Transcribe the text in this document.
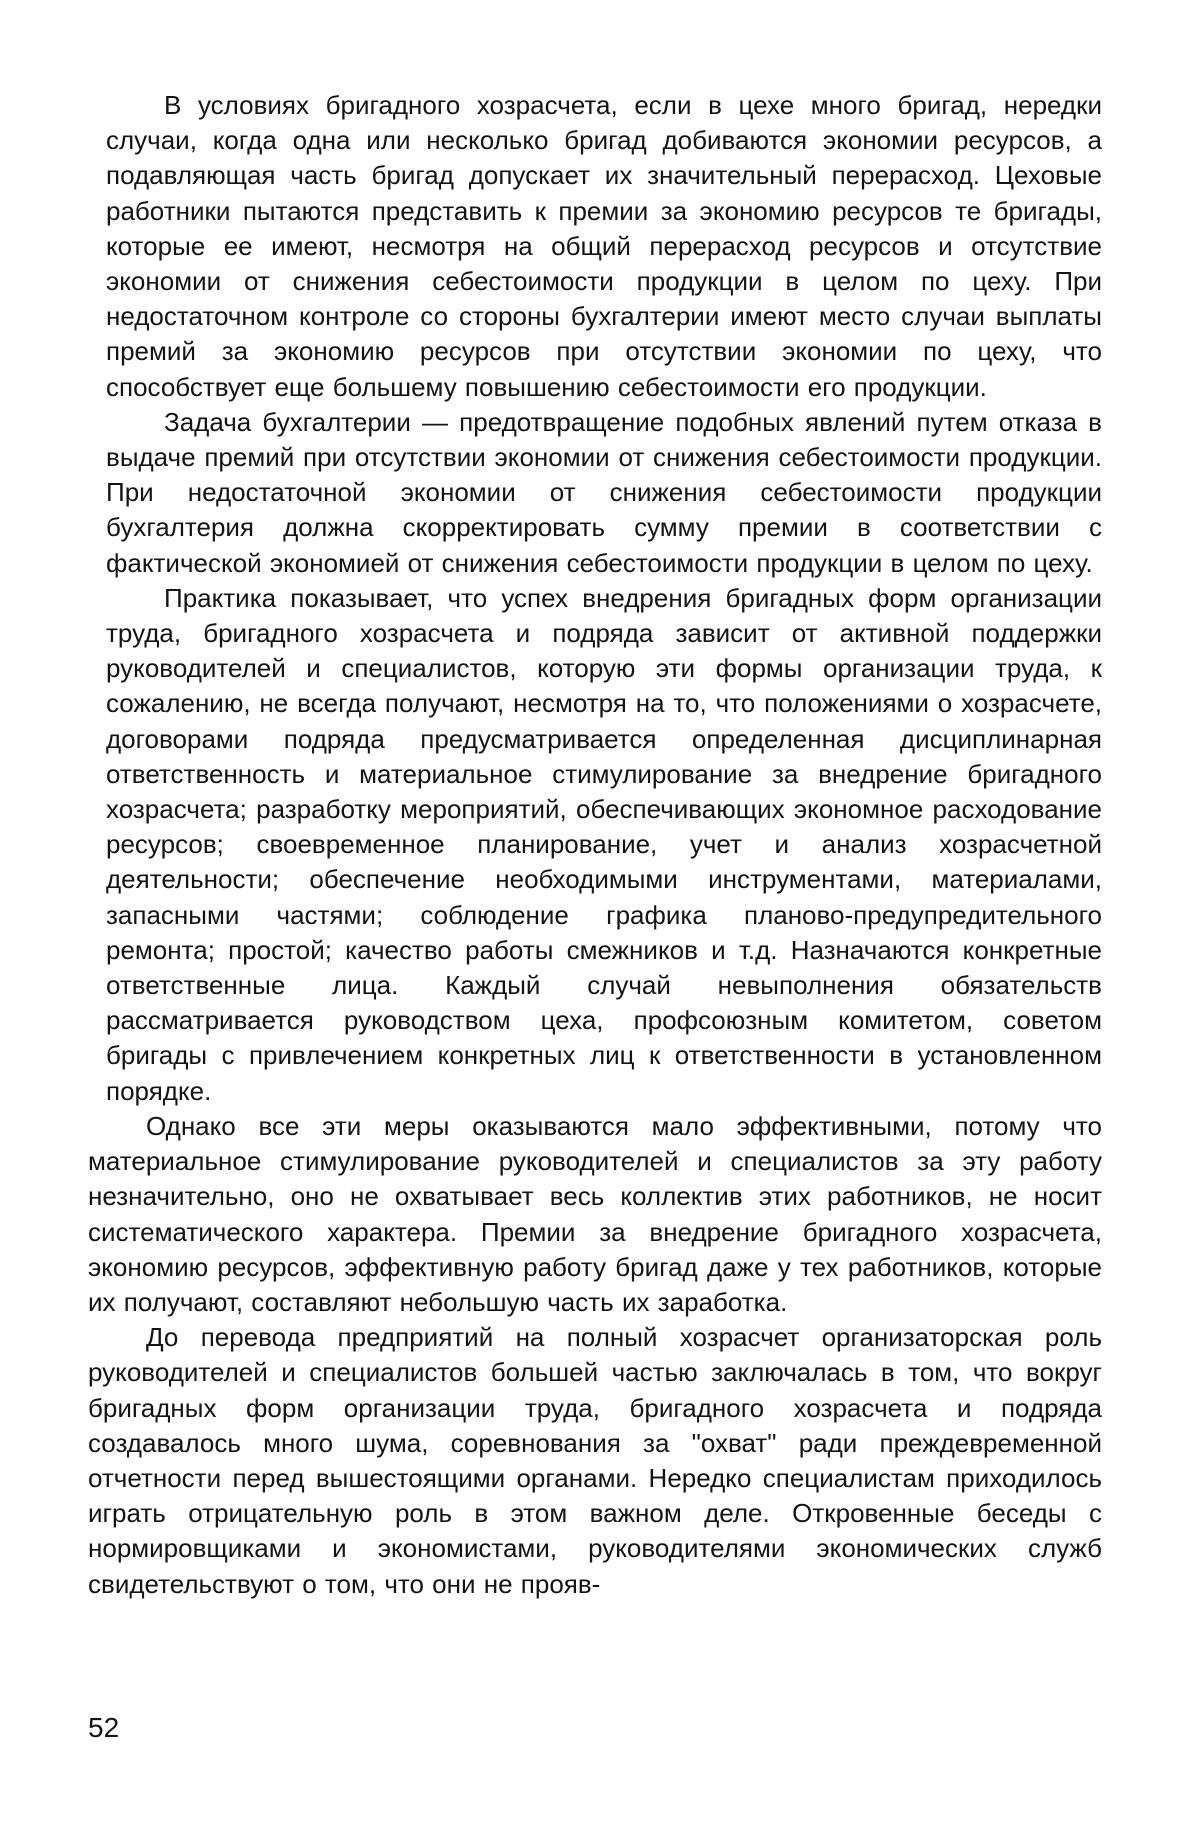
В условиях бригадного хозрасчета, если в цехе много бригад, нередки случаи, когда одна или несколько бригад добиваются экономии ресурсов, а подавляющая часть бригад допускает их значительный перерасход. Цеховые работники пытаются представить к премии за экономию ресурсов те бригады, которые ее имеют, несмотря на общий перерасход ресурсов и отсутствие экономии от снижения себестоимости продукции в целом по цеху. При недостаточном контроле со стороны бухгалтерии имеют место случаи выплаты премий за экономию ресурсов при отсутствии экономии по цеху, что способствует еще большему повышению себестоимости его продукции.

Задача бухгалтерии — предотвращение подобных явлений путем отказа в выдаче премий при отсутствии экономии от снижения себестоимости продукции. При недостаточной экономии от снижения себестоимости продукции бухгалтерия должна скорректировать сумму премии в соответствии с фактической экономией от снижения себестоимости продукции в целом по цеху.

Практика показывает, что успех внедрения бригадных форм организации труда, бригадного хозрасчета и подряда зависит от активной поддержки руководителей и специалистов, которую эти формы организации труда, к сожалению, не всегда получают, несмотря на то, что положениями о хозрасчете, договорами подряда предусматривается определенная дисциплинарная ответственность и материальное стимулирование за внедрение бригадного хозрасчета; разработку мероприятий, обеспечивающих экономное расходование ресурсов; своевременное планирование, учет и анализ хозрасчетной деятельности; обеспечение необходимыми инструментами, материалами, запасными частями; соблюдение графика планово-предупредительного ремонта; простой; качество работы смежников и т.д. Назначаются конкретные ответственные лица. Каждый случай невыполнения обязательств рассматривается руководством цеха, профсоюзным комитетом, советом бригады с привлечением конкретных лиц к ответственности в установленном порядке.

Однако все эти меры оказываются мало эффективными, потому что материальное стимулирование руководителей и специалистов за эту работу незначительно, оно не охватывает весь коллектив этих работников, не носит систематического характера. Премии за внедрение бригадного хозрасчета, экономию ресурсов, эффективную работу бригад даже у тех работников, которые их получают, составляют небольшую часть их заработка.

До перевода предприятий на полный хозрасчет организаторская роль руководителей и специалистов большей частью заключалась в том, что вокруг бригадных форм организации труда, бригадного хозрасчета и подряда создавалось много шума, соревнования за "охват" ради преждевременной отчетности перед вышестоящими органами. Нередко специалистам приходилось играть отрицательную роль в этом важном деле. Откровенные беседы с нормировщиками и экономистами, руководителями экономических служб свидетельствуют о том, что они не прояв-

52
